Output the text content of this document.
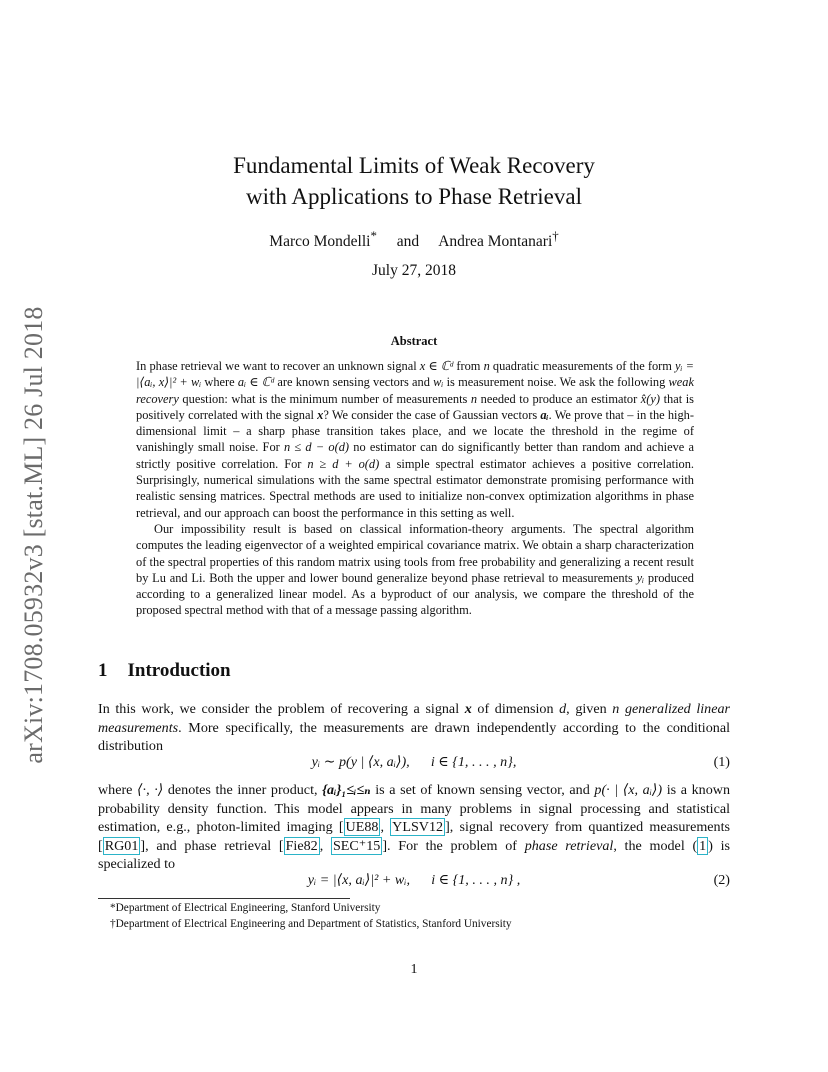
arXiv:1708.05932v3 [stat.ML] 26 Jul 2018
Fundamental Limits of Weak Recovery
with Applications to Phase Retrieval
Marco Mondelli* and Andrea Montanari†
July 27, 2018
Abstract

In phase retrieval we want to recover an unknown signal x ∈ ℂᵈ from n quadratic measurements of the form yᵢ = |⟨aᵢ, x⟩|² + wᵢ where aᵢ ∈ ℂᵈ are known sensing vectors and wᵢ is measurement noise. We ask the following weak recovery question: what is the minimum number of measurements n needed to produce an estimator x̂(y) that is positively correlated with the signal x? We consider the case of Gaussian vectors aᵢ. We prove that – in the high-dimensional limit – a sharp phase transition takes place, and we locate the threshold in the regime of vanishingly small noise. For n ≤ d − o(d) no estimator can do significantly better than random and achieve a strictly positive correlation. For n ≥ d + o(d) a simple spectral estimator achieves a positive correlation. Surprisingly, numerical simulations with the same spectral estimator demonstrate promising performance with realistic sensing matrices. Spectral methods are used to initialize non-convex optimization algorithms in phase retrieval, and our approach can boost the performance in this setting as well.

Our impossibility result is based on classical information-theory arguments. The spectral algorithm computes the leading eigenvector of a weighted empirical covariance matrix. We obtain a sharp characterization of the spectral properties of this random matrix using tools from free probability and generalizing a recent result by Lu and Li. Both the upper and lower bound generalize beyond phase retrieval to measurements yᵢ produced according to a generalized linear model. As a byproduct of our analysis, we compare the threshold of the proposed spectral method with that of a message passing algorithm.

1 Introduction

In this work, we consider the problem of recovering a signal x of dimension d, given n generalized linear measurements. More specifically, the measurements are drawn independently according to the conditional distribution

yᵢ ∼ p(y | ⟨x, aᵢ⟩), i ∈ {1, . . . , n},	(1)

where ⟨·, ·⟩ denotes the inner product, {aᵢ}₁≤ᵢ≤ₙ is a set of known sensing vector, and p(· | ⟨x, aᵢ⟩) is a known probability density function. This model appears in many problems in signal processing and statistical estimation, e.g., photon-limited imaging [ UE88 , YLSV12 ], signal recovery from quantized measurements [ RG01 ], and phase retrieval [ Fie82 , SEC⁺15 ]. For the problem of phase retrieval, the model ( 1 ) is specialized to

yᵢ = |⟨x, aᵢ⟩|² + wᵢ, i ∈ {1, . . . , n} ,	(2)
*Department of Electrical Engineering, Stanford University
†Department of Electrical Engineering and Department of Statistics, Stanford University
1
